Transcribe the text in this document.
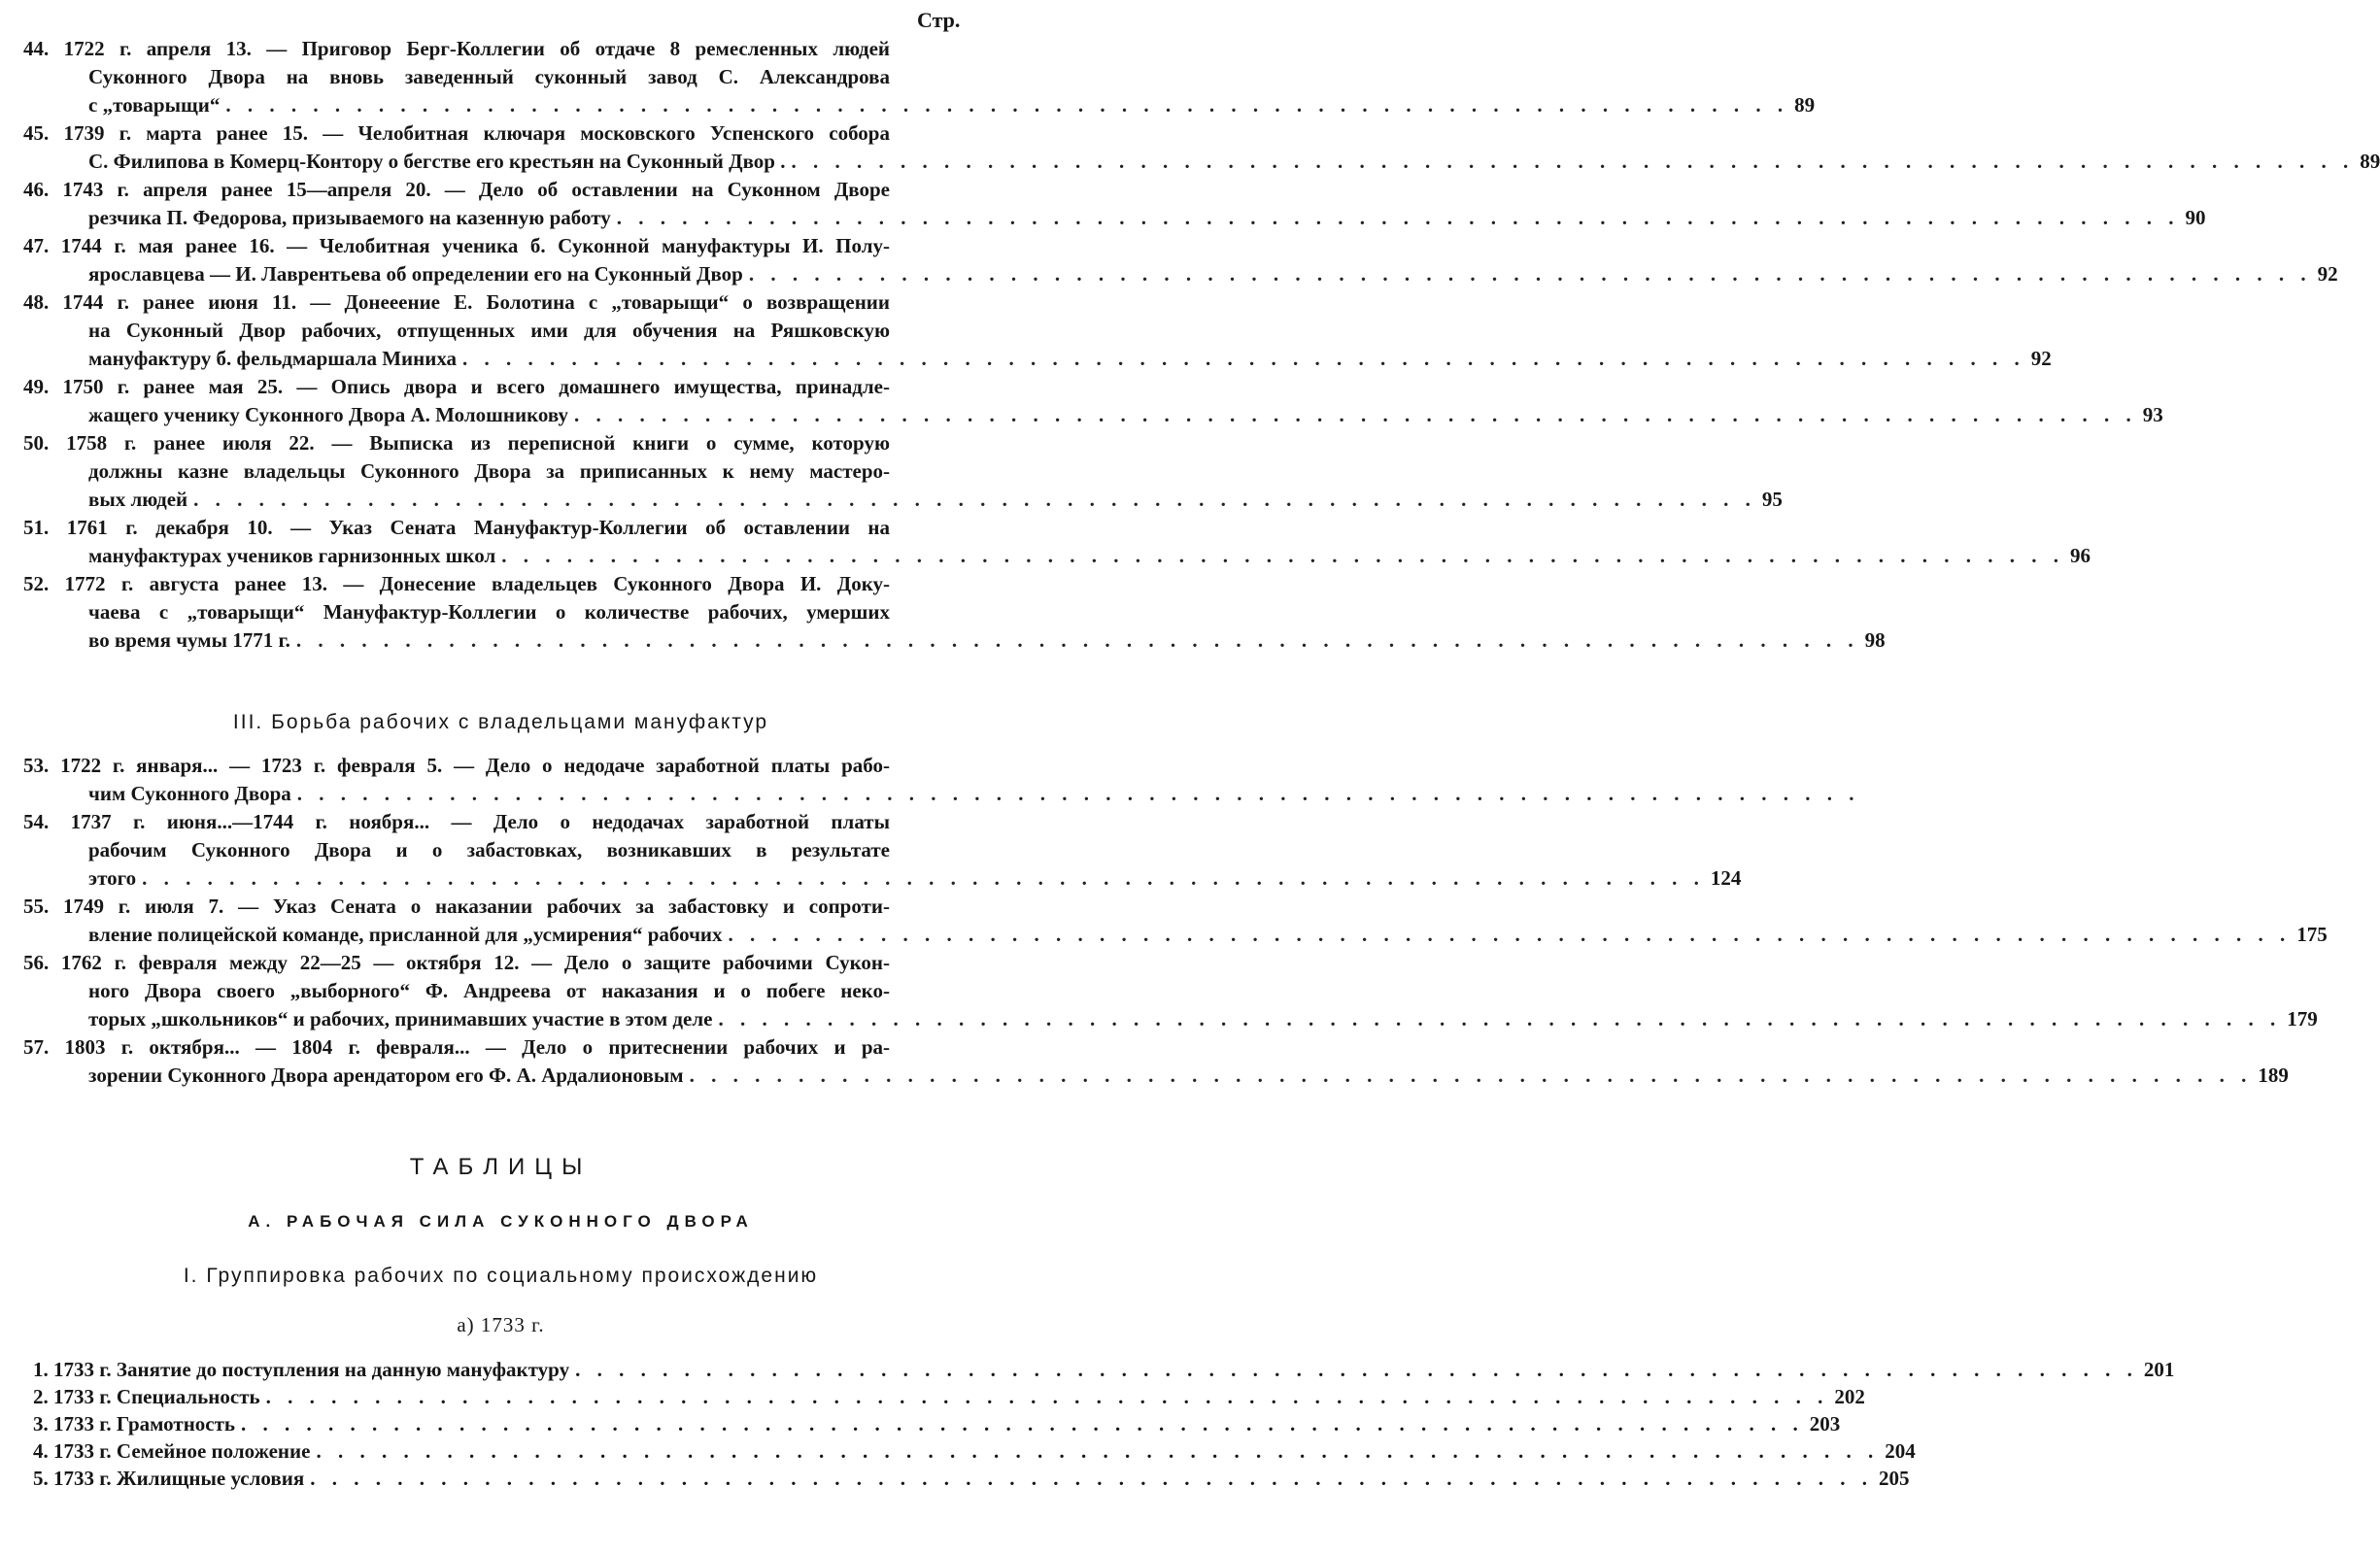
Стр.
44. 1722 г. апреля 13. — Приговор Берг-Коллегии об отдаче 8 ремесленных людей
Суконного Двора на вновь заведенный суконный завод С. Александрова
с „товарыщи“ . . . . . . . . . . . . . . . . . . . . . . . . . . . . . . . . . . . . . . . . . . . . . . . . . . . . . . . . . . . . . . . . . . . . . . . . 89
45. 1739 г. марта ранее 15. — Челобитная ключаря московского Успенского собора
С. Филипова в Комерц-Контору о бегстве его крестьян на Суконный Двор . . . . . . . . . . . . . . . . . . . . . . . . . . . . . . . . . . . . . . . . . . . . . . . . . . . . . . . . . . . . . . . . . . . . . . . . . 89
46. 1743 г. апреля ранее 15—апреля 20. — Дело об оставлении на Суконном Дворе
резчика П. Федорова, призываемого на казенную работу . . . . . . . . . . . . . . . . . . . . . . . . . . . . . . . . . . . . . . . . . . . . . . . . . . . . . . . . . . . . . . . . . . . . . . . . 90
47. 1744 г. мая ранее 16. — Челобитная ученика б. Суконной мануфактуры И. Полу-
ярославцева — И. Лаврентьева об определении его на Суконный Двор . . . . . . . . . . . . . . . . . . . . . . . . . . . . . . . . . . . . . . . . . . . . . . . . . . . . . . . . . . . . . . . . . . . . . . . . 92
48. 1744 г. ранее июня 11. — Донееение Е. Болотина с „товарыщи“ о возвращении
на Суконный Двор рабочих, отпущенных ими для обучения на Ряшковскую
мануфактуру б. фельдмаршала Миниха . . . . . . . . . . . . . . . . . . . . . . . . . . . . . . . . . . . . . . . . . . . . . . . . . . . . . . . . . . . . . . . . . . . . . . . . 92
49. 1750 г. ранее мая 25. — Опись двора и всего домашнего имущества, принадле-
жащего ученику Суконного Двора А. Молошникову . . . . . . . . . . . . . . . . . . . . . . . . . . . . . . . . . . . . . . . . . . . . . . . . . . . . . . . . . . . . . . . . . . . . . . . . 93
50. 1758 г. ранее июля 22. — Выписка из переписной книги о сумме, которую
должны казне владельцы Суконного Двора за приписанных к нему мастеро-
вых людей . . . . . . . . . . . . . . . . . . . . . . . . . . . . . . . . . . . . . . . . . . . . . . . . . . . . . . . . . . . . . . . . . . . . . . . . 95
51. 1761 г. декабря 10. — Указ Сената Мануфактур-Коллегии об оставлении на
мануфактурах учеников гарнизонных школ . . . . . . . . . . . . . . . . . . . . . . . . . . . . . . . . . . . . . . . . . . . . . . . . . . . . . . . . . . . . . . . . . . . . . . . . 96
52. 1772 г. августа ранее 13. — Донесение владельцев Суконного Двора И. Доку-
чаева с „товарыщи“ Мануфактур-Коллегии о количестве рабочих, умерших
во время чумы 1771 г. . . . . . . . . . . . . . . . . . . . . . . . . . . . . . . . . . . . . . . . . . . . . . . . . . . . . . . . . . . . . . . . . . . . . . . . . 98
III. Борьба рабочих с владельцами мануфактур
53. 1722 г. января... — 1723 г. февраля 5. — Дело о недодаче заработной платы рабо-
чим Суконного Двора . . . . . . . . . . . . . . . . . . . . . . . . . . . . . . . . . . . . . . . . . . . . . . . . . . . . . . . . . . . . . . . . . . . . . . . .
54. 1737 г. июня...—1744 г. ноября... — Дело о недодачах заработной платы
рабочим Суконного Двора и о забастовках, возникавших в результате
этого . . . . . . . . . . . . . . . . . . . . . . . . . . . . . . . . . . . . . . . . . . . . . . . . . . . . . . . . . . . . . . . . . . . . . . . . 124
55. 1749 г. июля 7. — Указ Сената о наказании рабочих за забастовку и сопроти-
вление полицейской команде, присланной для „усмирения“ рабочих . . . . . . . . . . . . . . . . . . . . . . . . . . . . . . . . . . . . . . . . . . . . . . . . . . . . . . . . . . . . . . . . . . . . . . . . 175
56. 1762 г. февраля между 22—25 — октября 12. — Дело о защите рабочими Сукон-
ного Двора своего „выборного“ Ф. Андреева от наказания и о побеге неко-
торых „школьников“ и рабочих, принимавших участие в этом деле . . . . . . . . . . . . . . . . . . . . . . . . . . . . . . . . . . . . . . . . . . . . . . . . . . . . . . . . . . . . . . . . . . . . . . . . 179
57. 1803 г. октября... — 1804 г. февраля... — Дело о притеснении рабочих и ра-
зорении Суконного Двора арендатором его Ф. А. Ардалионовым . . . . . . . . . . . . . . . . . . . . . . . . . . . . . . . . . . . . . . . . . . . . . . . . . . . . . . . . . . . . . . . . . . . . . . . . 189
ТАБЛИЦЫ
А. РАБОЧАЯ СИЛА СУКОННОГО ДВОРА
I. Группировка рабочих по социальному происхождению
а) 1733 г.
1. 1733 г. Занятие до поступления на данную мануфактуру . . . . . . . . . . . . . . . . . . . . . . . . . . . . . . . . . . . . . . . . . . . . . . . . . . . . . . . . . . . . . . . . . . . . . . . . 201
2. 1733 г. Специальность . . . . . . . . . . . . . . . . . . . . . . . . . . . . . . . . . . . . . . . . . . . . . . . . . . . . . . . . . . . . . . . . . . . . . . . . 202
3. 1733 г. Грамотность . . . . . . . . . . . . . . . . . . . . . . . . . . . . . . . . . . . . . . . . . . . . . . . . . . . . . . . . . . . . . . . . . . . . . . . . 203
4. 1733 г. Семейное положение . . . . . . . . . . . . . . . . . . . . . . . . . . . . . . . . . . . . . . . . . . . . . . . . . . . . . . . . . . . . . . . . . . . . . . . . 204
5. 1733 г. Жилищные условия . . . . . . . . . . . . . . . . . . . . . . . . . . . . . . . . . . . . . . . . . . . . . . . . . . . . . . . . . . . . . . . . . . . . . . . . 205
